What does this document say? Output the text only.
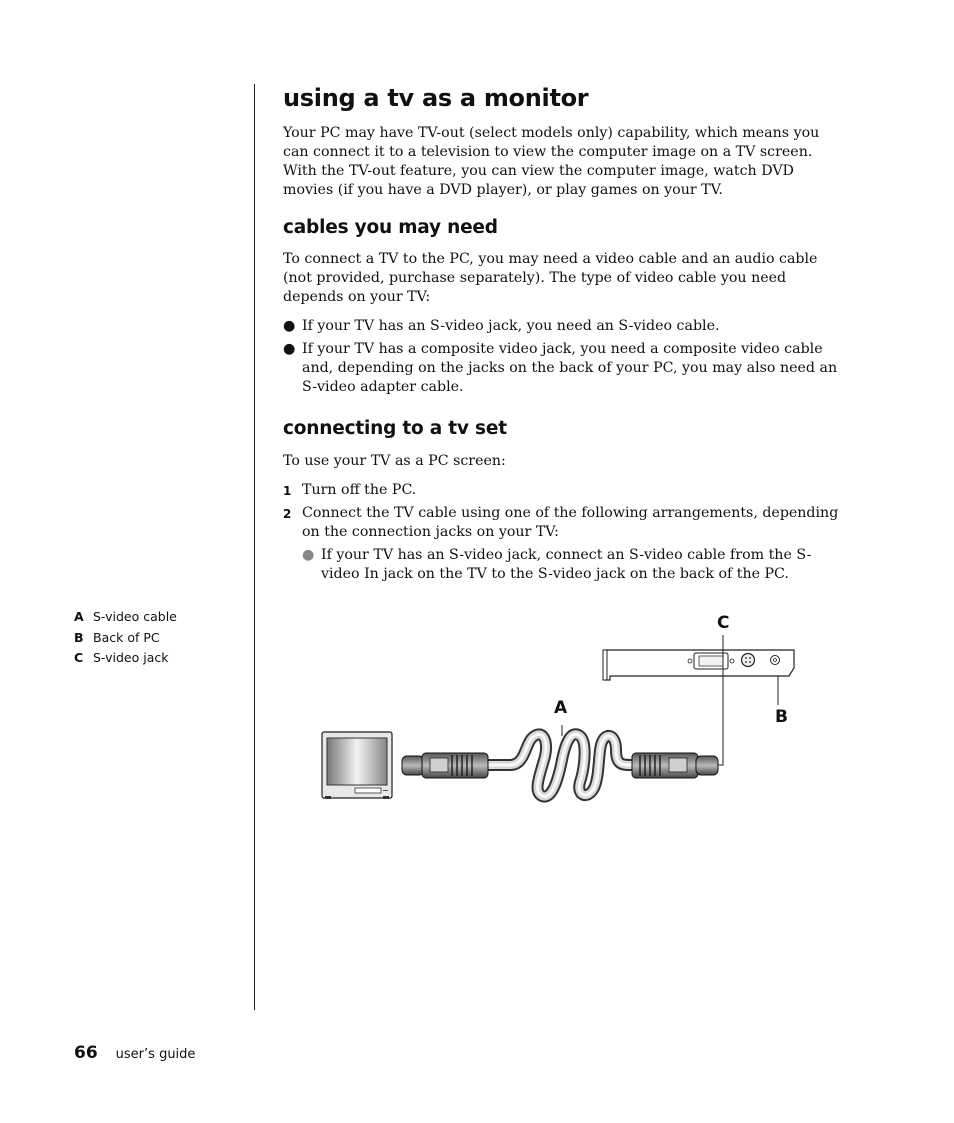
using a tv as a monitor

Your PC may have TV-out (select models only) capability, which means you can connect it to a television to view the computer image on a TV screen. With the TV-out feature, you can view the computer image, watch DVD movies (if you have a DVD player), or play games on your TV.

cables you may need

To connect a TV to the PC, you may need a video cable and an audio cable (not provided, purchase separately). The type of video cable you need depends on your TV:

● If your TV has an S-video jack, you need an S-video cable.
● If your TV has a composite video jack, you need a composite video cable and, depending on the jacks on the back of your PC, you may also need an S-video adapter cable.
connecting to a tv set

To use your TV as a PC screen:

1 Turn off the PC.
2 Connect the TV cable using one of the following arrangements, depending on the connection jacks on your TV:
● If your TV has an S-video jack, connect an S-video cable from the S-video In jack on the TV to the S-video jack on the back of the PC.
A S-video cable
B Back of PC
C S-video jack
A
C
B
66 user’s guide
